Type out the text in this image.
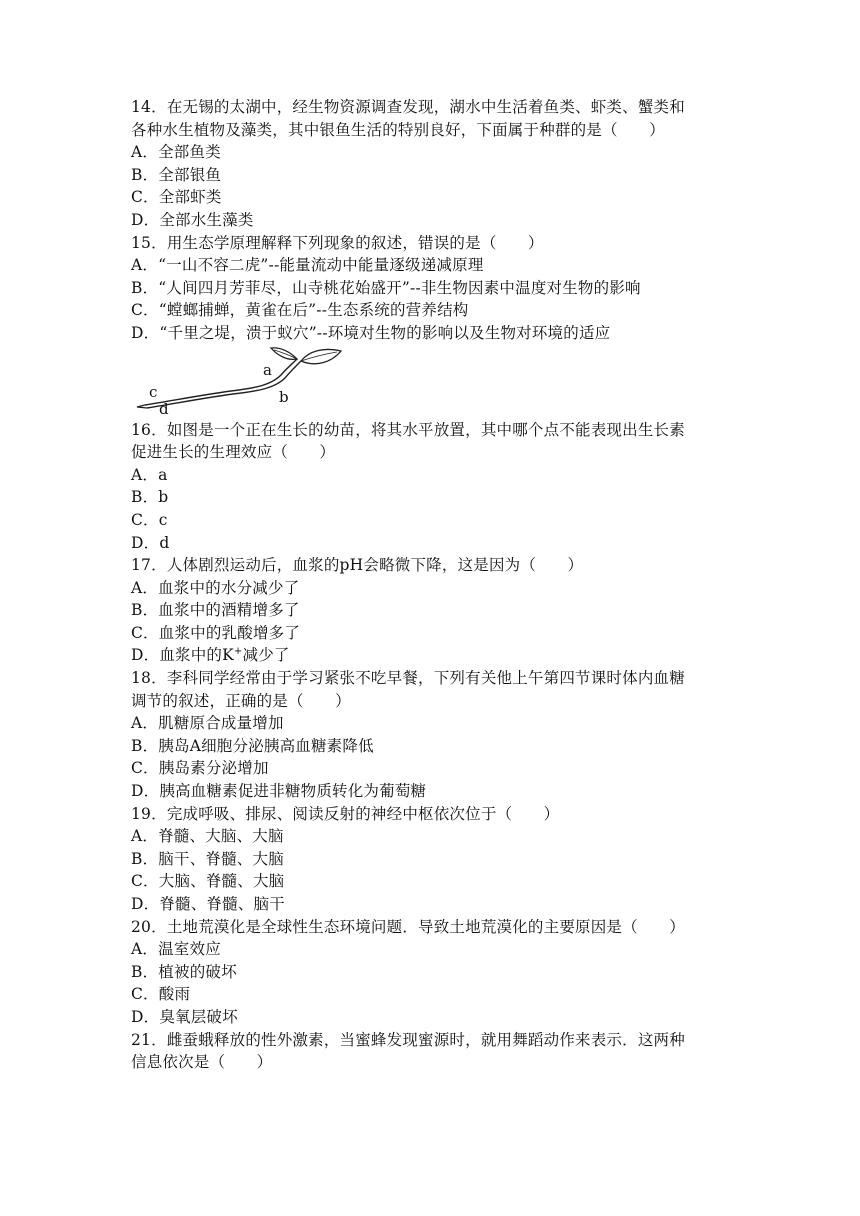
14．在无锡的太湖中，经生物资源调查发现，湖水中生活着鱼类、虾类、蟹类和
各种水生植物及藻类，其中银鱼生活的特别良好，下面属于种群的是（　　）
A．全部鱼类
B．全部银鱼
C．全部虾类
D．全部水生藻类
15．用生态学原理解释下列现象的叙述，错误的是（　　）
A．“一山不容二虎”--能量流动中能量逐级递减原理
B．“人间四月芳菲尽，山寺桃花始盛开”--非生物因素中温度对生物的影响
C．“螳螂捕蝉，黄雀在后”--生态系统的营养结构
D．“千里之堤，溃于蚁穴”--环境对生物的影响以及生物对环境的适应
a
b
c
d
16．如图是一个正在生长的幼苗，将其水平放置，其中哪个点不能表现出生长素
促进生长的生理效应（　　）
A．a
B．b
C．c
D．d
17．人体剧烈运动后，血浆的pH会略微下降，这是因为（　　）
A．血浆中的水分减少了
B．血浆中的酒精增多了
C．血浆中的乳酸增多了
D．血浆中的K+减少了
18．李科同学经常由于学习紧张不吃早餐，下列有关他上午第四节课时体内血糖
调节的叙述，正确的是（　　）
A．肌糖原合成量增加
B．胰岛A细胞分泌胰高血糖素降低
C．胰岛素分泌增加
D．胰高血糖素促进非糖物质转化为葡萄糖
19．完成呼吸、排尿、阅读反射的神经中枢依次位于（　　）
A．脊髓、大脑、大脑
B．脑干、脊髓、大脑
C．大脑、脊髓、大脑
D．脊髓、脊髓、脑干
20．土地荒漠化是全球性生态环境问题．导致土地荒漠化的主要原因是（　　）
A．温室效应
B．植被的破坏
C．酸雨
D．臭氧层破坏
21．雌蚕蛾释放的性外激素，当蜜蜂发现蜜源时，就用舞蹈动作来表示．这两种
信息依次是（　　）
